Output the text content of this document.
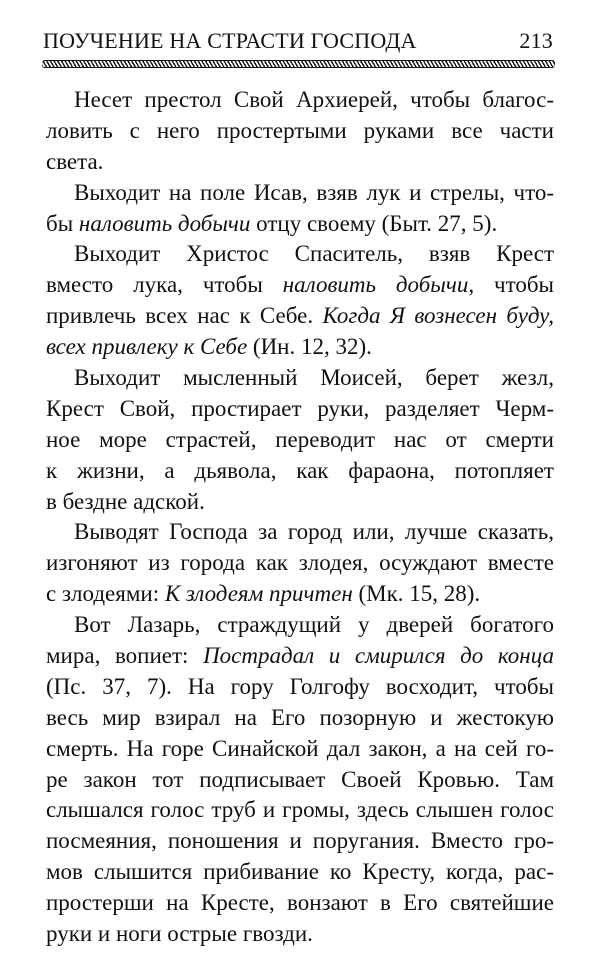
ПОУЧЕНИЕ НА СТРАСТИ ГОСПОДА	213
Несет престол Свой Архиерей, чтобы благос-
ловить с него простертыми руками все части
света.
Выходит на поле Исав, взяв лук и стрелы, что-
бы наловить добычи отцу своему (Быт. 27, 5).
Выходит Христос Спаситель, взяв Крест
вместо лука, чтобы наловить добычи, чтобы
привлечь всех нас к Себе. Когда Я вознесен буду,
всех привлеку к Себе (Ин. 12, 32).
Выходит мысленный Моисей, берет жезл,
Крест Свой, простирает руки, разделяет Черм-
ное море страстей, переводит нас от смерти
к жизни, а дьявола, как фараона, потопляет
в бездне адской.
Выводят Господа за город или, лучше сказать,
изгоняют из города как злодея, осуждают вместе
с злодеями: К злодеям причтен (Мк. 15, 28).
Вот Лазарь, страждущий у дверей богатого
мира, вопиет: Пострадал и смирился до конца
(Пс. 37, 7). На гору Голгофу восходит, чтобы
весь мир взирал на Его позорную и жестокую
смерть. На горе Синайской дал закон, а на сей го-
ре закон тот подписывает Своей Кровью. Там
слышался голос труб и громы, здесь слышен голос
посмеяния, поношения и поругания. Вместо гро-
мов слышится прибивание ко Кресту, когда, рас-
простерши на Кресте, вонзают в Его святейшие
руки и ноги острые гвозди.
